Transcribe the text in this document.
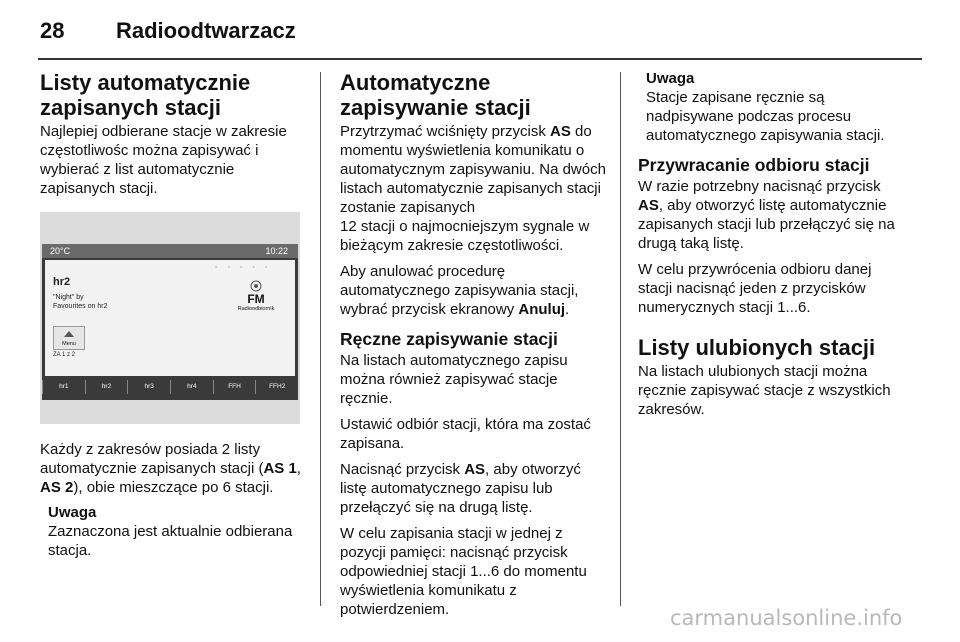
28 Radioodtwarzacz
Listy automatycznie zapisanych stacji

Najlepiej odbierane stacje w zakresie częstotliwośc można zapisywać i wybierać z list automatycznie zapisanych stacji.

20°C	10:22
◦ ◦ ◦ ◦ ◦
hr2
"Night" by
Favourites on hr2
FM
Radioodbiornik
Menu
ZA 1 z 2
hr1	hr2	hr3	hr4	FFH	FFH2

Każdy z zakresów posiada 2 listy automatycznie zapisanych stacji (AS 1, AS 2), obie mieszczące po 6 stacji.

Uwaga
Zaznaczona jest aktualnie odbierana stacja.
Automatyczne zapisywanie stacji

Przytrzymać wciśnięty przycisk AS do momentu wyświetlenia komunikatu o automatycznym zapisywaniu. Na dwóch listach automatycznie zapisanych stacji zostanie zapisanych
12 stacji o najmocniejszym sygnale w bieżącym zakresie częstotliwości.

Aby anulować procedurę automatycznego zapisywania stacji, wybrać przycisk ekranowy Anuluj.

Ręczne zapisywanie stacji

Na listach automatycznego zapisu można również zapisywać stacje ręcznie.

Ustawić odbiór stacji, która ma zostać zapisana.

Nacisnąć przycisk AS, aby otworzyć listę automatycznego zapisu lub przełączyć się na drugą listę.

W celu zapisania stacji w jednej z pozycji pamięci: nacisnąć przycisk odpowiedniej stacji 1...6 do momentu wyświetlenia komunikatu z potwierdzeniem.

Uwaga
Stacje zapisane ręcznie są nadpisywane podczas procesu automatycznego zapisywania stacji.
Przywracanie odbioru stacji

W razie potrzebny nacisnąć przycisk AS, aby otworzyć listę automatycznie zapisanych stacji lub przełączyć się na drugą taką listę.

W celu przywrócenia odbioru danej stacji nacisnąć jeden z przycisków numerycznych stacji 1...6.

Listy ulubionych stacji

Na listach ulubionych stacji można ręcznie zapisywać stacje z wszystkich zakresów.

carmanualsonline.info
